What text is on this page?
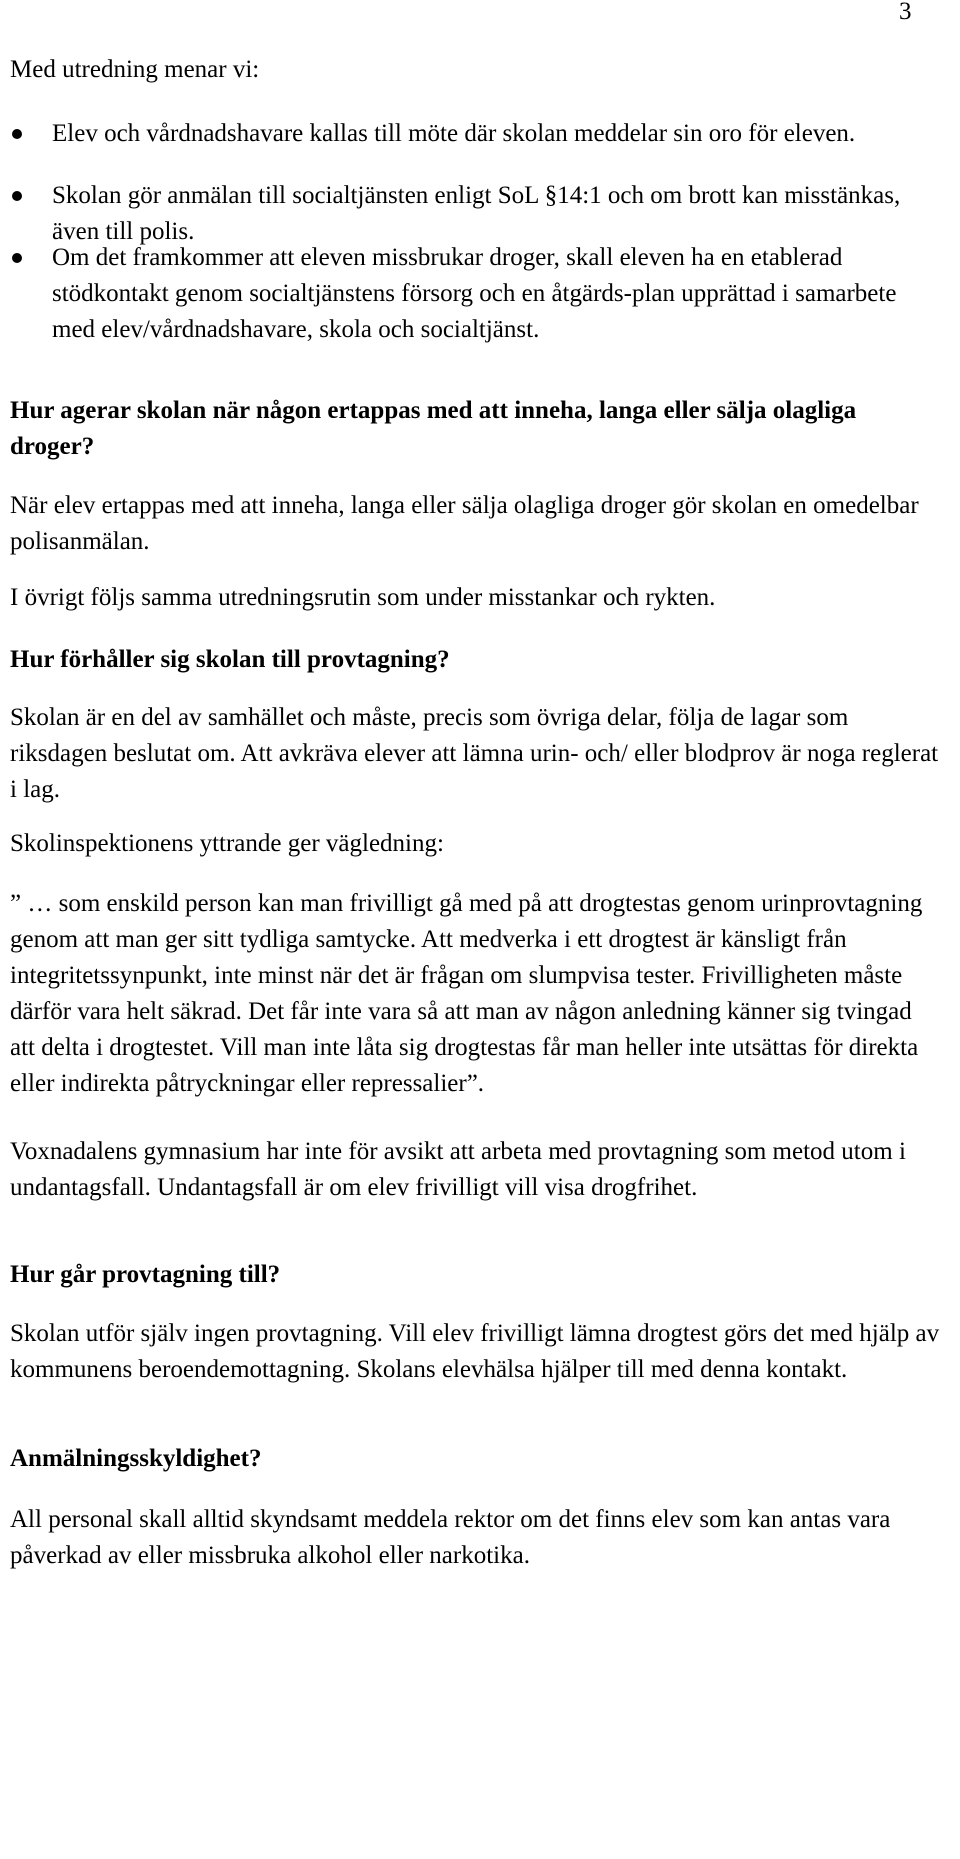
3

Med utredning menar vi:

Elev och vårdnadshavare kallas till möte där skolan meddelar sin oro för eleven.
Skolan gör anmälan till socialtjänsten enligt SoL §14:1 och om brott kan misstänkas, även till polis.
Om det framkommer att eleven missbrukar droger, skall eleven ha en etablerad stödkontakt genom socialtjänstens försorg och en åtgärds-plan upprättad i samarbete med elev/vårdnadshavare, skola och socialtjänst.
Hur agerar skolan när någon ertappas med att inneha, langa eller sälja olagliga droger?

När elev ertappas med att inneha, langa eller sälja olagliga droger gör skolan en omedelbar polisanmälan.

I övrigt följs samma utredningsrutin som under misstankar och rykten.

Hur förhåller sig skolan till provtagning?

Skolan är en del av samhället och måste, precis som övriga delar, följa de lagar som riksdagen beslutat om. Att avkräva elever att lämna urin- och/ eller blodprov är noga reglerat i lag.

Skolinspektionens yttrande ger vägledning:

” … som enskild person kan man frivilligt gå med på att drogtestas genom urinprovtagning genom att man ger sitt tydliga samtycke. Att medverka i ett drogtest är känsligt från integritetssynpunkt, inte minst när det är frågan om slumpvisa tester. Frivilligheten måste därför vara helt säkrad. Det får inte vara så att man av någon anledning känner sig tvingad att delta i drogtestet. Vill man inte låta sig drogtestas får man heller inte utsättas för direkta eller indirekta påtryckningar eller repressalier”.

Voxnadalens gymnasium har inte för avsikt att arbeta med provtagning som metod utom i undantagsfall. Undantagsfall är om elev frivilligt vill visa drogfrihet.

Hur går provtagning till?

Skolan utför själv ingen provtagning. Vill elev frivilligt lämna drogtest görs det med hjälp av kommunens beroendemottagning. Skolans elevhälsa hjälper till med denna kontakt.

Anmälningsskyldighet?

All personal skall alltid skyndsamt meddela rektor om det finns elev som kan antas vara påverkad av eller missbruka alkohol eller narkotika.
